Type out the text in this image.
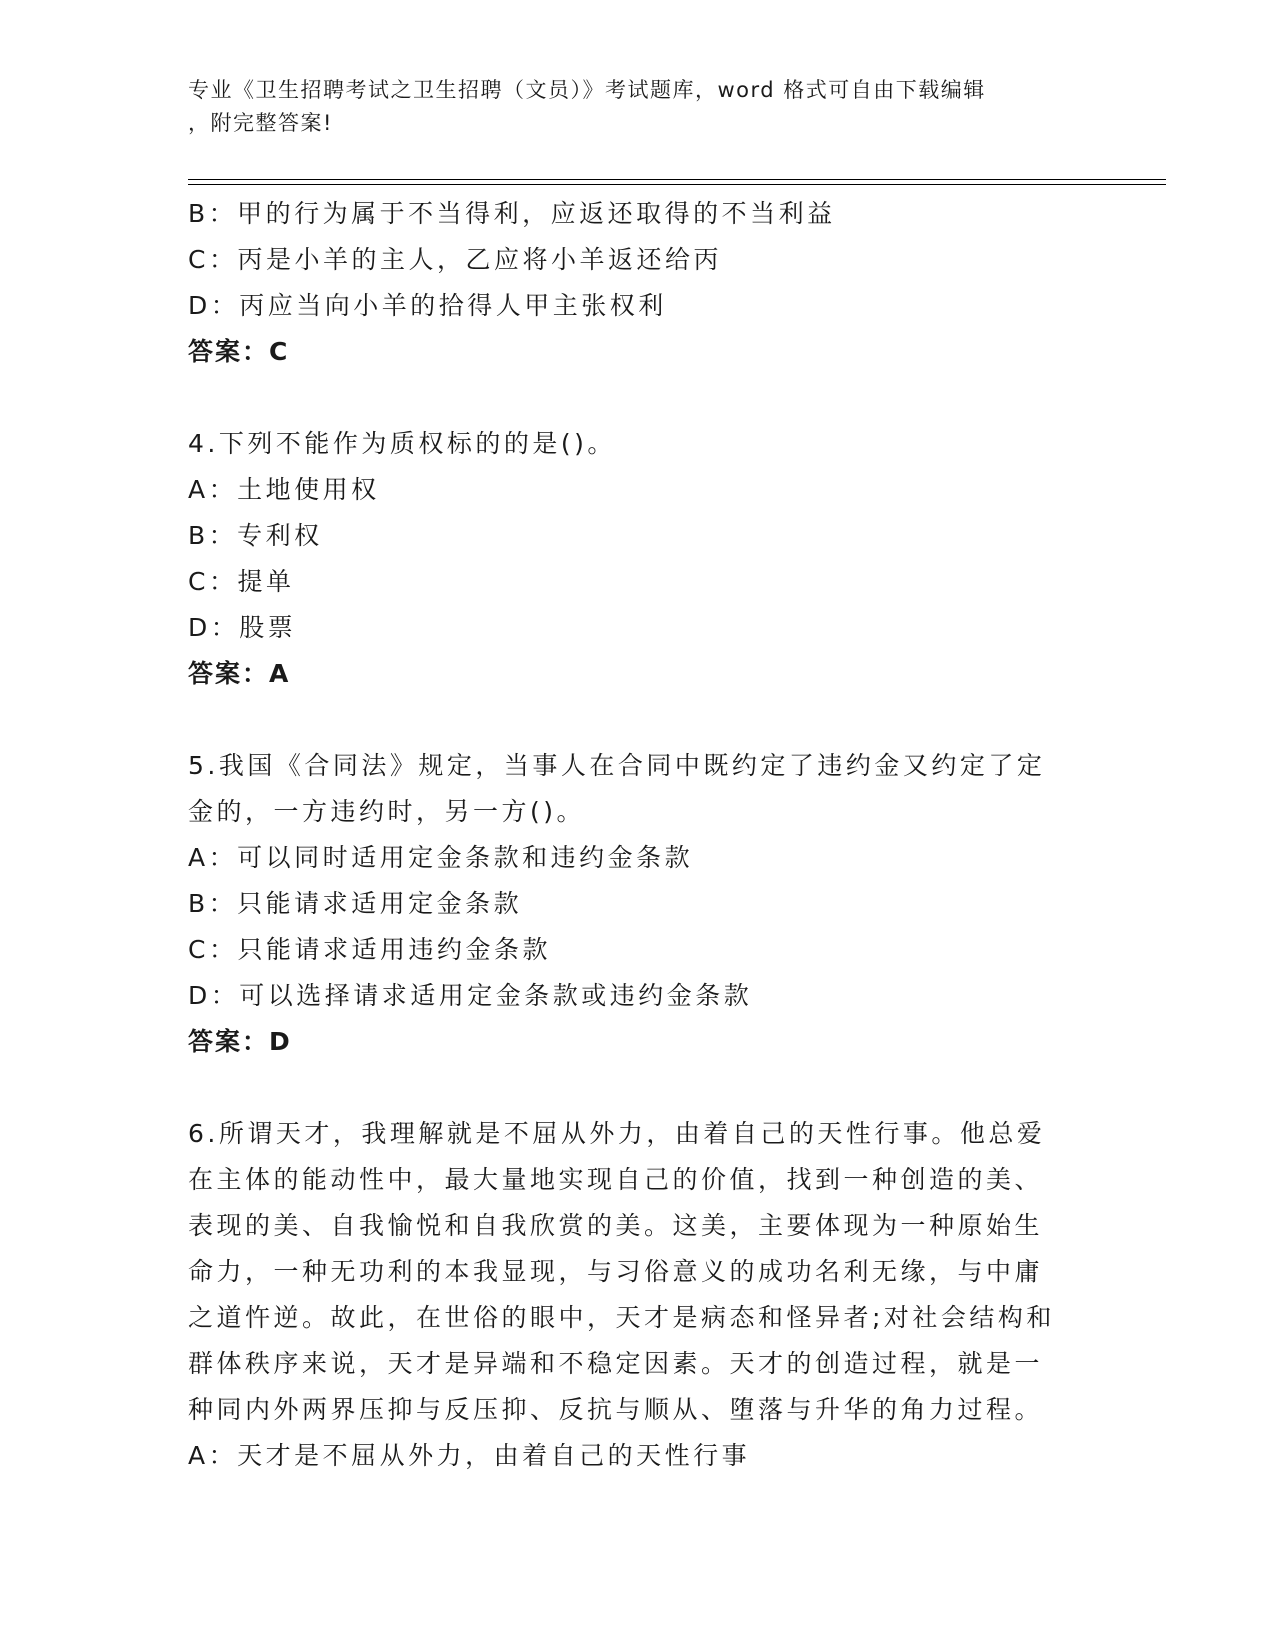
专业《卫生招聘考试之卫生招聘（文员）》考试题库，word 格式可自由下载编辑
，附完整答案!
B：甲的行为属于不当得利，应返还取得的不当利益
C：丙是小羊的主人，乙应将小羊返还给丙
D：丙应当向小羊的拾得人甲主张权利
答案：C
4.下列不能作为质权标的的是()。
A：土地使用权
B：专利权
C：提单
D：股票
答案：A
5.我国《合同法》规定，当事人在合同中既约定了违约金又约定了定
金的，一方违约时，另一方()。
A：可以同时适用定金条款和违约金条款
B：只能请求适用定金条款
C：只能请求适用违约金条款
D：可以选择请求适用定金条款或违约金条款
答案：D
6.所谓天才，我理解就是不屈从外力，由着自己的天性行事。他总爱
在主体的能动性中，最大量地实现自己的价值，找到一种创造的美、
表现的美、自我愉悦和自我欣赏的美。这美，主要体现为一种原始生
命力，一种无功利的本我显现，与习俗意义的成功名利无缘，与中庸
之道忤逆。故此，在世俗的眼中，天才是病态和怪异者;对社会结构和
群体秩序来说，天才是异端和不稳定因素。天才的创造过程，就是一
种同内外两界压抑与反压抑、反抗与顺从、堕落与升华的角力过程。
A：天才是不屈从外力，由着自己的天性行事
